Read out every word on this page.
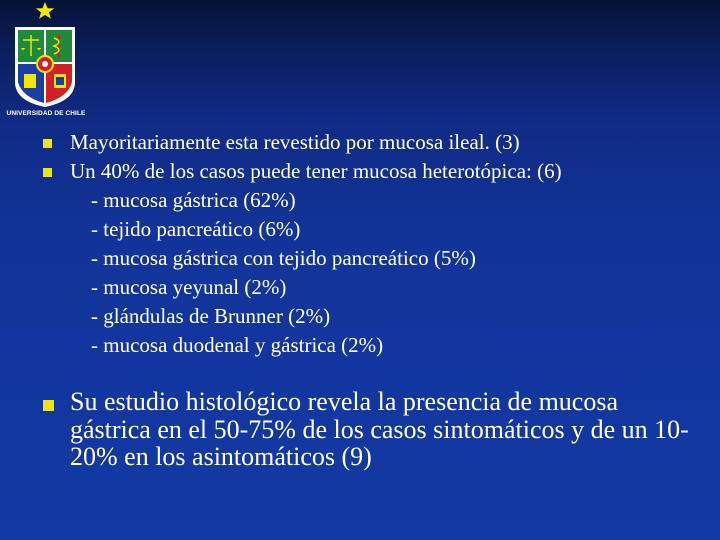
UNIVERSIDAD DE CHILE
Mayoritariamente esta revestido por mucosa ileal. (3)
Un 40% de los casos puede tener mucosa heterotópica: (6)
- mucosa gástrica (62%)
- tejido pancreático (6%)
- mucosa gástrica con tejido pancreático (5%)
- mucosa yeyunal (2%)
- glándulas de Brunner (2%)
- mucosa duodenal y gástrica (2%)
Su estudio histológico revela la presencia de mucosa gástrica en el 50-75% de los casos sintomáticos y de un 10-20% en los asintomáticos (9)
